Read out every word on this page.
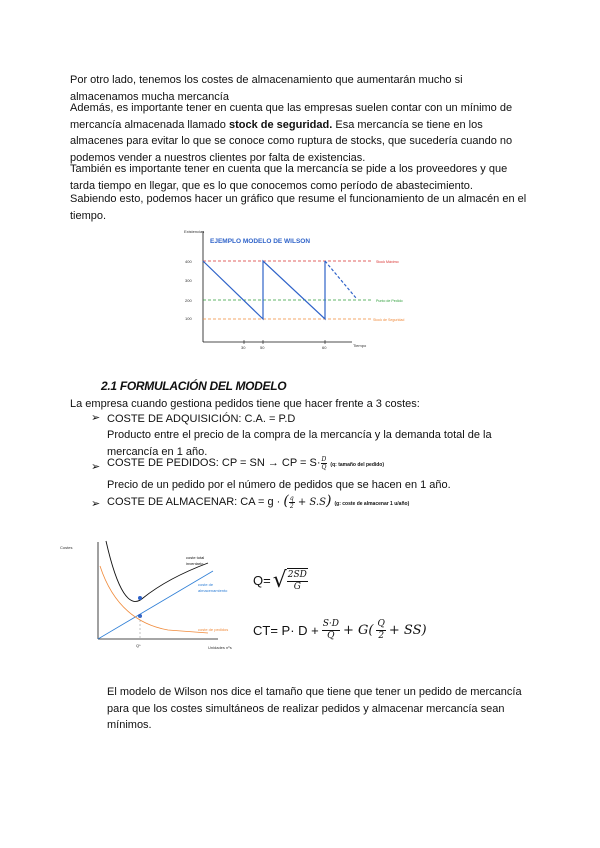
Por otro lado, tenemos los costes de almacenamiento que aumentarán mucho si
almacenamos mucha mercancía

Además, es importante tener en cuenta que las empresas suelen contar con un mínimo de mercancía almacenada llamado stock de seguridad. Esa mercancía se tiene en los almacenes para evitar lo que se conoce como ruptura de stocks, que sucedería cuando no podemos vender a nuestros clientes por falta de existencias.

También es importante tener en cuenta que la mercancía se pide a los proveedores y que tarda tiempo en llegar, que es lo que conocemos como período de abastecimiento.

Sabiendo esto, podemos hacer un gráfico que resume el funcionamiento de un almacén en el tiempo.

Existencias
EJEMPLO MODELO DE WILSON
400
300
200
100
Stock Máximo
Punto de Pedido
Stock de Seguridad
30	50	60	Tiempo
2.1 FORMULACIÓN DEL MODELO
La empresa cuando gestiona pedidos tiene que hacer frente a 3 costes:
➢ COSTE DE ADQUISICIÓN: C.A. = P.D
Producto entre el precio de la compra de la mercancía y la demanda total de la
mercancía en 1 año.
➢ COSTE DE PEDIDOS: CP = SN → CP = $S\cdot \frac{D}{Q} (q$: tamaño del pedido)
Precio de un pedido por el número de pedidos que se hacen en 1 año.
➢ COSTE DE ALMACENAR: CA = g · ( $\frac{q}{2} + S.S$) (g: coste de almacenar 1 u/año)
Costes
Q*
coste total
inventario
coste de
almacenamiento
coste de pedidos
Unidades nºs
Q= √ $\frac{2SD}{G}$
$CT= P\cdot D + \frac{S\cdot D}{Q} + G( \frac{Q}{2} + SS)$

El modelo de Wilson nos dice el tamaño que tiene que tener un pedido de mercancía para que los costes simultáneos de realizar pedidos y almacenar mercancía sean mínimos.
